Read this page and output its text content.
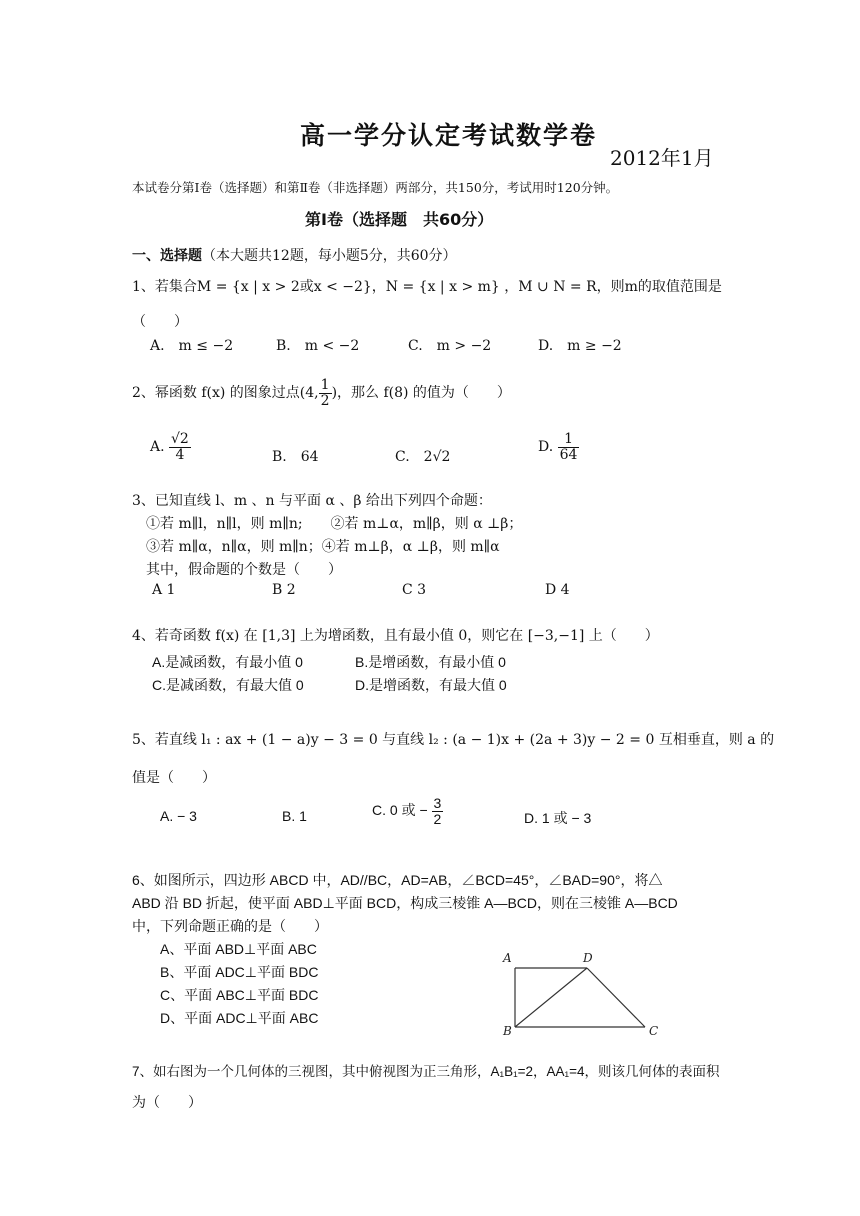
高一学分认定考试数学卷
2012年1月
本试卷分第Ⅰ卷（选择题）和第Ⅱ卷（非选择题）两部分，共150分，考试用时120分钟。
第Ⅰ卷（选择题　共60分）
一、选择题（本大题共12题，每小题5分，共60分）
1、若集合M = {x | x > 2或x < −2}，N = {x | x > m} ，M ∪ N = R，则m的取值范围是
（　　）
A.　m ≤ −2	B.　m < −2	C.　m > −2	D.　m ≥ −2
2、幂函数 f(x) 的图象过点(4, $\frac{1}{2}$ )，那么 f(8) 的值为（　　）
A. $\frac{√2}{4}$	B.　64	C.　2√2
D. $\frac{1}{64}$
3、已知直线 l、m 、n 与平面 α 、β 给出下列四个命题：
①若 m∥l，n∥l，则 m∥n;　　②若 m⊥α，m∥β，则 α ⊥β；
③若 m∥α，n∥α，则 m∥n；④若 m⊥β，α ⊥β，则 m∥α
其中，假命题的个数是（　　）
A 1	B 2	C 3	D 4
4、若奇函数 f(x) 在 [1,3] 上为增函数，且有最小值 0，则它在 [−3,−1] 上（　　）
A.是减函数，有最小值 0	B.是增函数，有最小值 0
C.是减函数，有最大值 0	D.是增函数，有最大值 0
5、若直线 l₁ : ax + (1 − a)y − 3 = 0 与直线 l₂ : (a − 1)x + (2a + 3)y − 2 = 0 互相垂直，则 a 的
值是（　　）
A. − 3	B. 1	C. 0 或 − $\frac{3}{2}$	D. 1 或 − 3
6、如图所示，四边形 ABCD 中，AD//BC，AD=AB，∠BCD=45°，∠BAD=90°，将△
ABD 沿 BD 折起，使平面 ABD⊥平面 BCD，构成三棱锥 A—BCD，则在三棱锥 A—BCD
中，下列命题正确的是（　　）
A、平面 ABD⊥平面 ABC
B、平面 ADC⊥平面 BDC
C、平面 ABC⊥平面 BDC
D、平面 ADC⊥平面 ABC
A	D
B	C
7、如右图为一个几何体的三视图，其中俯视图为正三角形，A₁B₁=2，AA₁=4，则该几何体的表面积
为（　　）
